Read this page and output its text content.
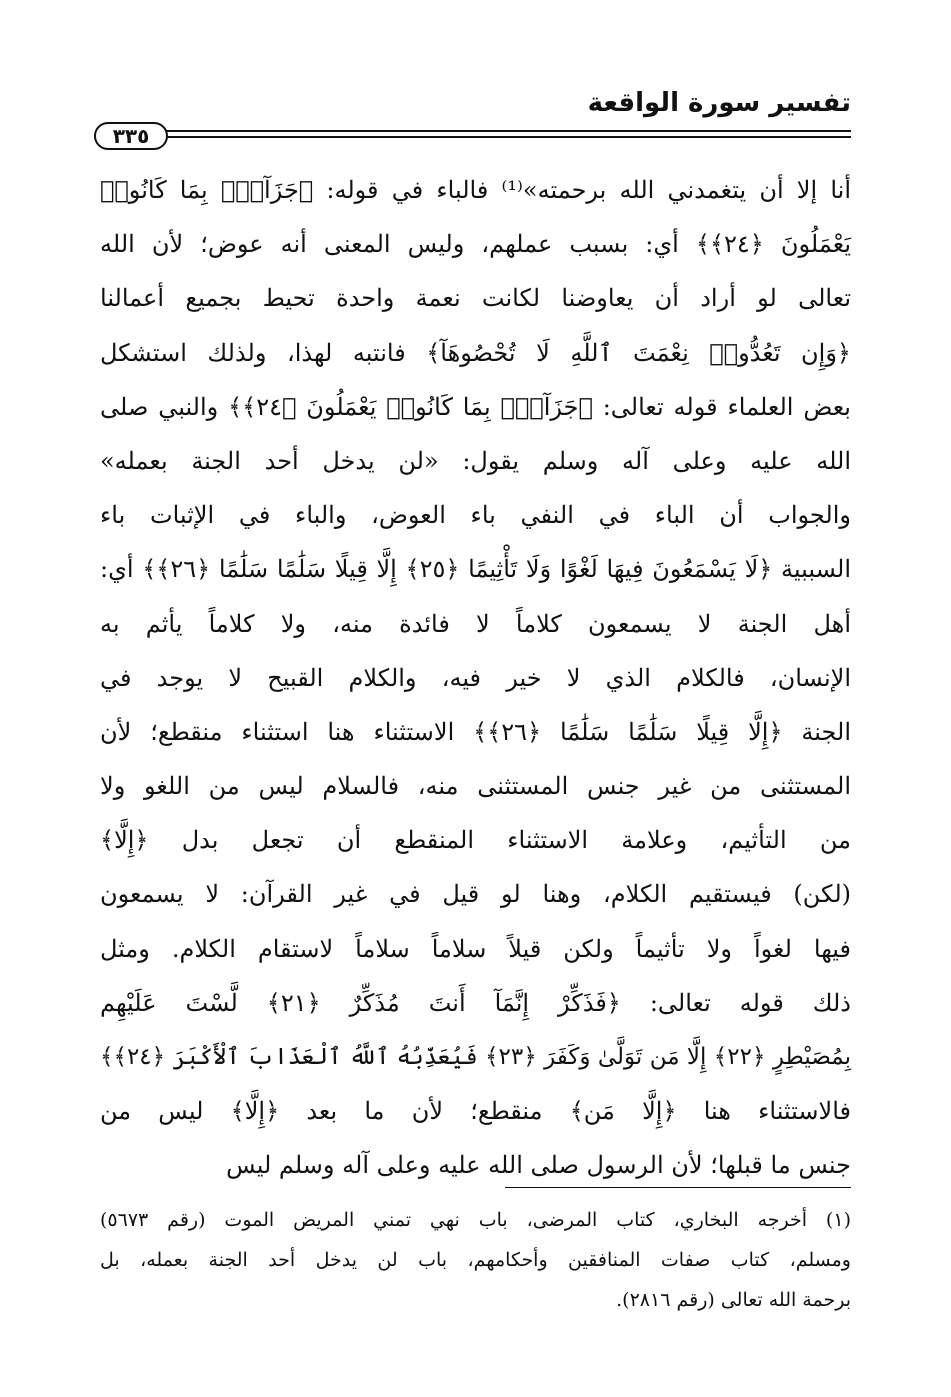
تفسير سورة الواقعة
٣٣٥
أنا إلا أن يتغمدني الله برحمته»⁽¹⁾ فالباء في قوله: ﴿جَزَآءَۢ بِمَا كَانُوا۟
يَعْمَلُونَ ﴿٢٤﴾﴾ أي: بسبب عملهم، وليس المعنى أنه عوض؛ لأن الله
تعالى لو أراد أن يعاوضنا لكانت نعمة واحدة تحيط بجميع أعمالنا
﴿وَإِن تَعُدُّوا۟ نِعْمَتَ ٱللَّهِ لَا تُحْصُوهَآ﴾ فانتبه لهذا، ولذلك استشكل
بعض العلماء قوله تعالى: ﴿جَزَآءَۢ بِمَا كَانُوا۟ يَعْمَلُونَ ﴿٢٤﴾﴾ والنبي صلى
الله عليه وعلى آله وسلم يقول: «لن يدخل أحد الجنة بعمله»
والجواب أن الباء في النفي باء العوض، والباء في الإثبات باء
السببية ﴿لَا يَسْمَعُونَ فِيهَا لَغْوًا وَلَا تَأْثِيمًا ﴿٢٥﴾ إِلَّا قِيلًا سَلَٰمًا سَلَٰمًا ﴿٢٦﴾﴾ أي:
أهل الجنة لا يسمعون كلاماً لا فائدة منه، ولا كلاماً يأثم به
الإنسان، فالكلام الذي لا خير فيه، والكلام القبيح لا يوجد في
الجنة ﴿إِلَّا قِيلًا سَلَٰمًا سَلَٰمًا ﴿٢٦﴾﴾ الاستثناء هنا استثناء منقطع؛ لأن
المستثنى من غير جنس المستثنى منه، فالسلام ليس من اللغو ولا
من التأثيم، وعلامة الاستثناء المنقطع أن تجعل بدل ﴿إِلَّا﴾
(لكن) فيستقيم الكلام، وهنا لو قيل في غير القرآن: لا يسمعون
فيها لغواً ولا تأثيماً ولكن قيلاً سلاماً سلاماً لاستقام الكلام. ومثل
ذلك قوله تعالى: ﴿فَذَكِّرْ إِنَّمَآ أَنتَ مُذَكِّرٌ ﴿٢١﴾ لَّسْتَ عَلَيْهِم
بِمُصَيْطِرٍ ﴿٢٢﴾ إِلَّا مَن تَوَلَّىٰ وَكَفَرَ ﴿٢٣﴾ فَيُعَذِّبُهُ ٱللَّهُ ٱلْعَذَابَ ٱلْأَكْبَرَ ﴿٢٤﴾﴾
فالاستثناء هنا ﴿إِلَّا مَن﴾ منقطع؛ لأن ما بعد ﴿إِلَّا﴾ ليس من
جنس ما قبلها؛ لأن الرسول صلى الله عليه وعلى آله وسلم ليس
(١) أخرجه البخاري، كتاب المرضى، باب نهي تمني المريض الموت (رقم ٥٦٧٣)
ومسلم، كتاب صفات المنافقين وأحكامهم، باب لن يدخل أحد الجنة بعمله، بل
برحمة الله تعالى (رقم ٢٨١٦).
